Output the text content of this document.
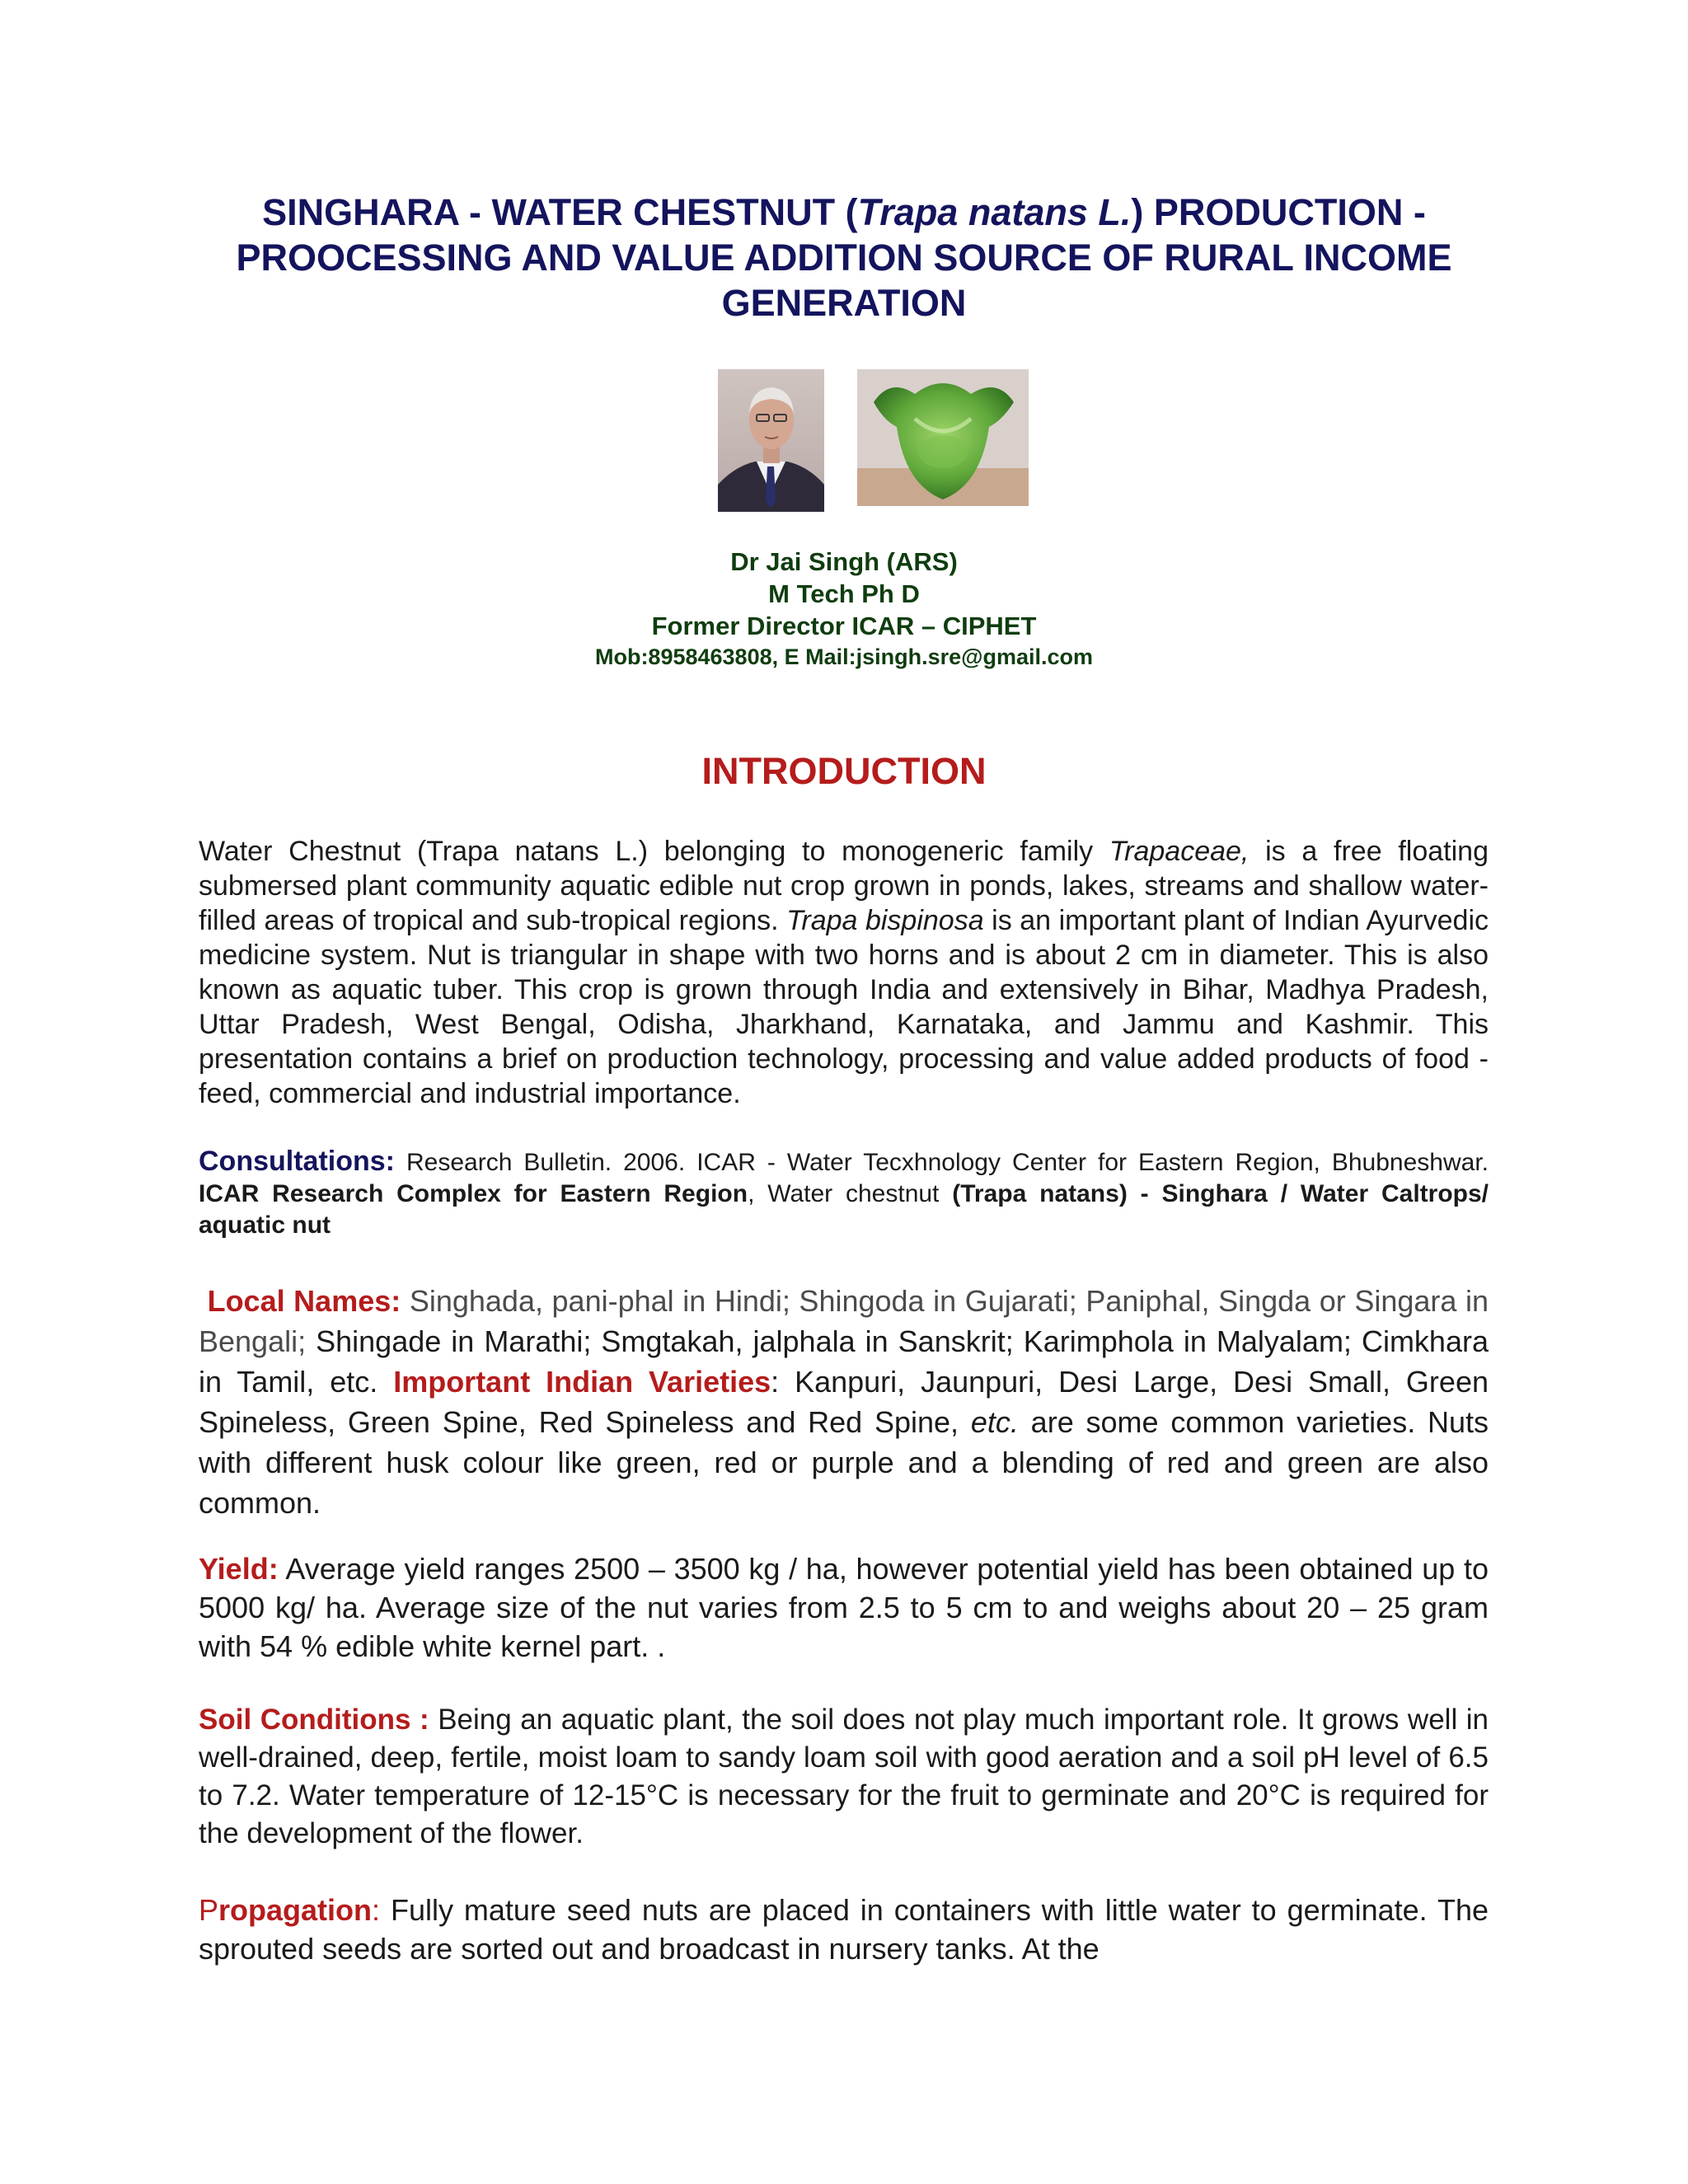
SINGHARA - WATER CHESTNUT (Trapa natans L.) PRODUCTION - PROOCESSING AND VALUE ADDITION SOURCE OF RURAL INCOME GENERATION

Dr Jai Singh (ARS)

M Tech Ph D

Former Director ICAR – CIPHET

Mob:8958463808, E Mail:jsingh.sre@gmail.com

INTRODUCTION

Water Chestnut (Trapa natans L.) belonging to monogeneric family Trapaceae, is a free floating submersed plant community aquatic edible nut crop grown in ponds, lakes, streams and shallow water-filled areas of tropical and sub-tropical regions. Trapa bispinosa is an important plant of Indian Ayurvedic medicine system. Nut is triangular in shape with two horns and is about 2 cm in diameter. This is also known as aquatic tuber. This crop is grown through India and extensively in Bihar, Madhya Pradesh, Uttar Pradesh, West Bengal, Odisha, Jharkhand, Karnataka, and Jammu and Kashmir. This presentation contains a brief on production technology, processing and value added products of food - feed, commercial and industrial importance.

Consultations: Research Bulletin. 2006. ICAR - Water Tecxhnology Center for Eastern Region, Bhubneshwar. ICAR Research Complex for Eastern Region, Water chestnut (Trapa natans) - Singhara / Water Caltrops/ aquatic nut

Local Names: Singhada, pani-phal in Hindi; Shingoda in Gujarati; Paniphal, Singda or Singara in Bengali; Shingade in Marathi; Smgtakah, jalphala in Sanskrit; Karimphola in Malyalam; Cimkhara in Tamil, etc. Important Indian Varieties: Kanpuri, Jaunpuri, Desi Large, Desi Small, Green Spineless, Green Spine, Red Spineless and Red Spine, etc. are some common varieties. Nuts with different husk colour like green, red or purple and a blending of red and green are also common.

Yield: Average yield ranges 2500 – 3500 kg / ha, however potential yield has been obtained up to 5000 kg/ ha. Average size of the nut varies from 2.5 to 5 cm to and weighs about 20 – 25 gram with 54 % edible white kernel part. .

Soil Conditions : Being an aquatic plant, the soil does not play much important role. It grows well in well-drained, deep, fertile, moist loam to sandy loam soil with good aeration and a soil pH level of 6.5 to 7.2. Water temperature of 12-15°C is necessary for the fruit to germinate and 20°C is required for the development of the flower.

Propagation: Fully mature seed nuts are placed in containers with little water to germinate. The sprouted seeds are sorted out and broadcast in nursery tanks. At the
